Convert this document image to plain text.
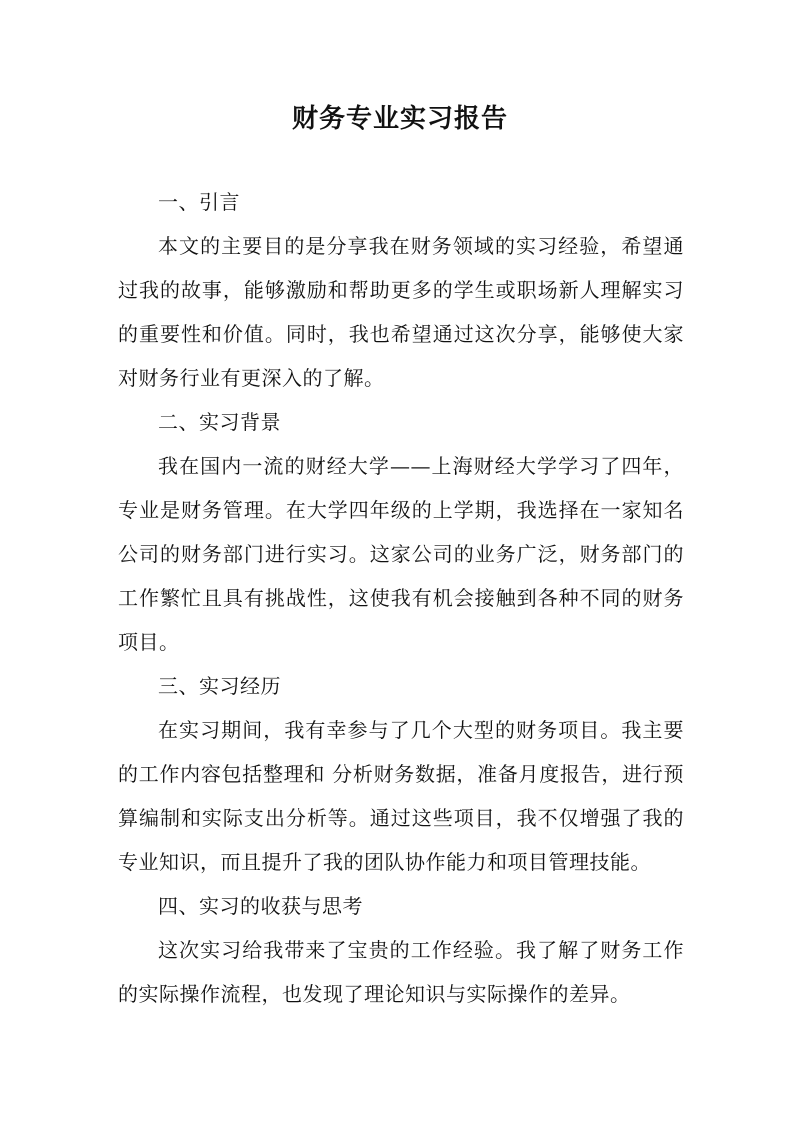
财务专业实习报告

一、引言

本文的主要目的是分享我在财务领域的实习经验，希望通过我的故事，能够激励和帮助更多的学生或职场新人理解实习的重要性和价值。同时，我也希望通过这次分享，能够使大家对财务行业有更深入的了解。

二、实习背景

我在国内一流的财经大学——上海财经大学学习了四年，专业是财务管理。在大学四年级的上学期，我选择在一家知名公司的财务部门进行实习。这家公司的业务广泛，财务部门的工作繁忙且具有挑战性，这使我有机会接触到各种不同的财务项目。

三、实习经历

在实习期间，我有幸参与了几个大型的财务项目。我主要的工作内容包括整理和 分析财务数据，准备月度报告，进行预算编制和实际支出分析等。通过这些项目，我不仅增强了我的专业知识，而且提升了我的团队协作能力和项目管理技能。

四、实习的收获与思考

这次实习给我带来了宝贵的工作经验。我了解了财务工作的实际操作流程，也发现了理论知识与实际操作的差异。
